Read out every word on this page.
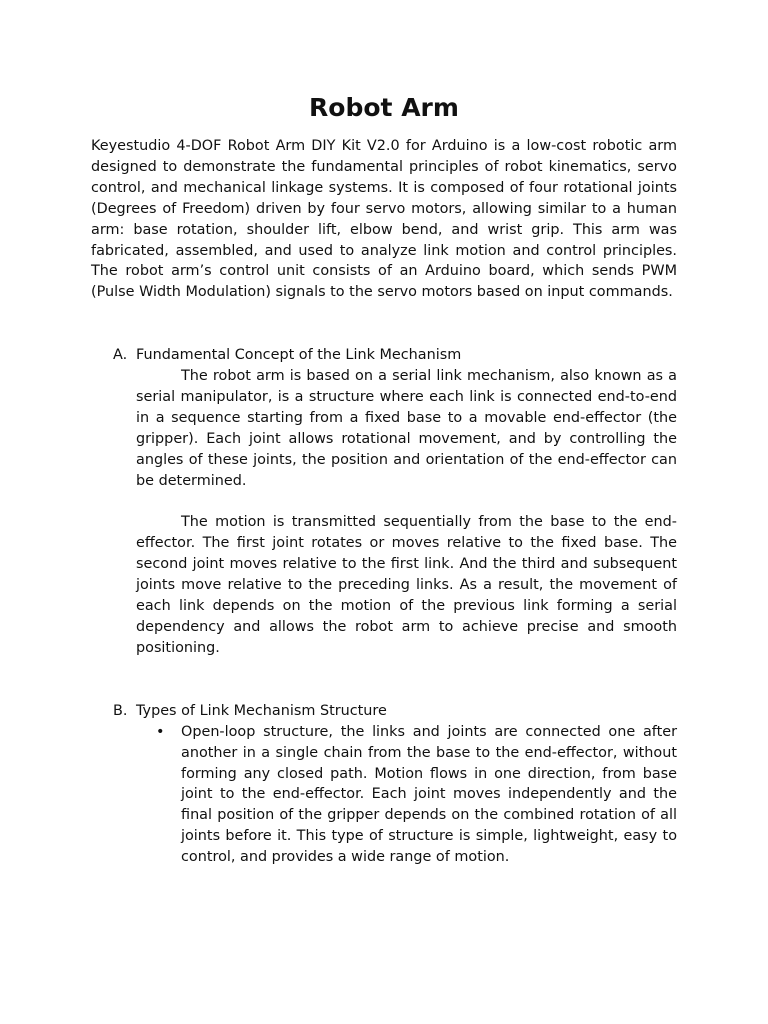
Robot Arm

Keyestudio 4-DOF Robot Arm DIY Kit V2.0 for Arduino is a low-cost robotic arm designed to demonstrate the fundamental principles of robot kinematics, servo control, and mechanical linkage systems. It is composed of four rotational joints (Degrees of Freedom) driven by four servo motors, allowing similar to a human arm: base rotation, shoulder lift, elbow bend, and wrist grip. This arm was fabricated, assembled, and used to analyze link motion and control principles. The robot arm’s control unit consists of an Arduino board, which sends PWM (Pulse Width Modulation) signals to the servo motors based on input commands.

A. Fundamental Concept of the Link Mechanism

The robot arm is based on a serial link mechanism, also known as a serial manipulator, is a structure where each link is connected end-to-end in a sequence starting from a fixed base to a movable end-effector (the gripper). Each joint allows rotational movement, and by controlling the angles of these joints, the position and orientation of the end-effector can be determined.

The motion is transmitted sequentially from the base to the end-effector. The first joint rotates or moves relative to the fixed base. The second joint moves relative to the first link. And the third and subsequent joints move relative to the preceding links. As a result, the movement of each link depends on the motion of the previous link forming a serial dependency and allows the robot arm to achieve precise and smooth positioning.

B. Types of Link Mechanism Structure

• Open-loop structure, the links and joints are connected one after another in a single chain from the base to the end-effector, without forming any closed path. Motion flows in one direction, from base joint to the end-effector. Each joint moves independently and the final position of the gripper depends on the combined rotation of all joints before it. This type of structure is simple, lightweight, easy to control, and provides a wide range of motion.
